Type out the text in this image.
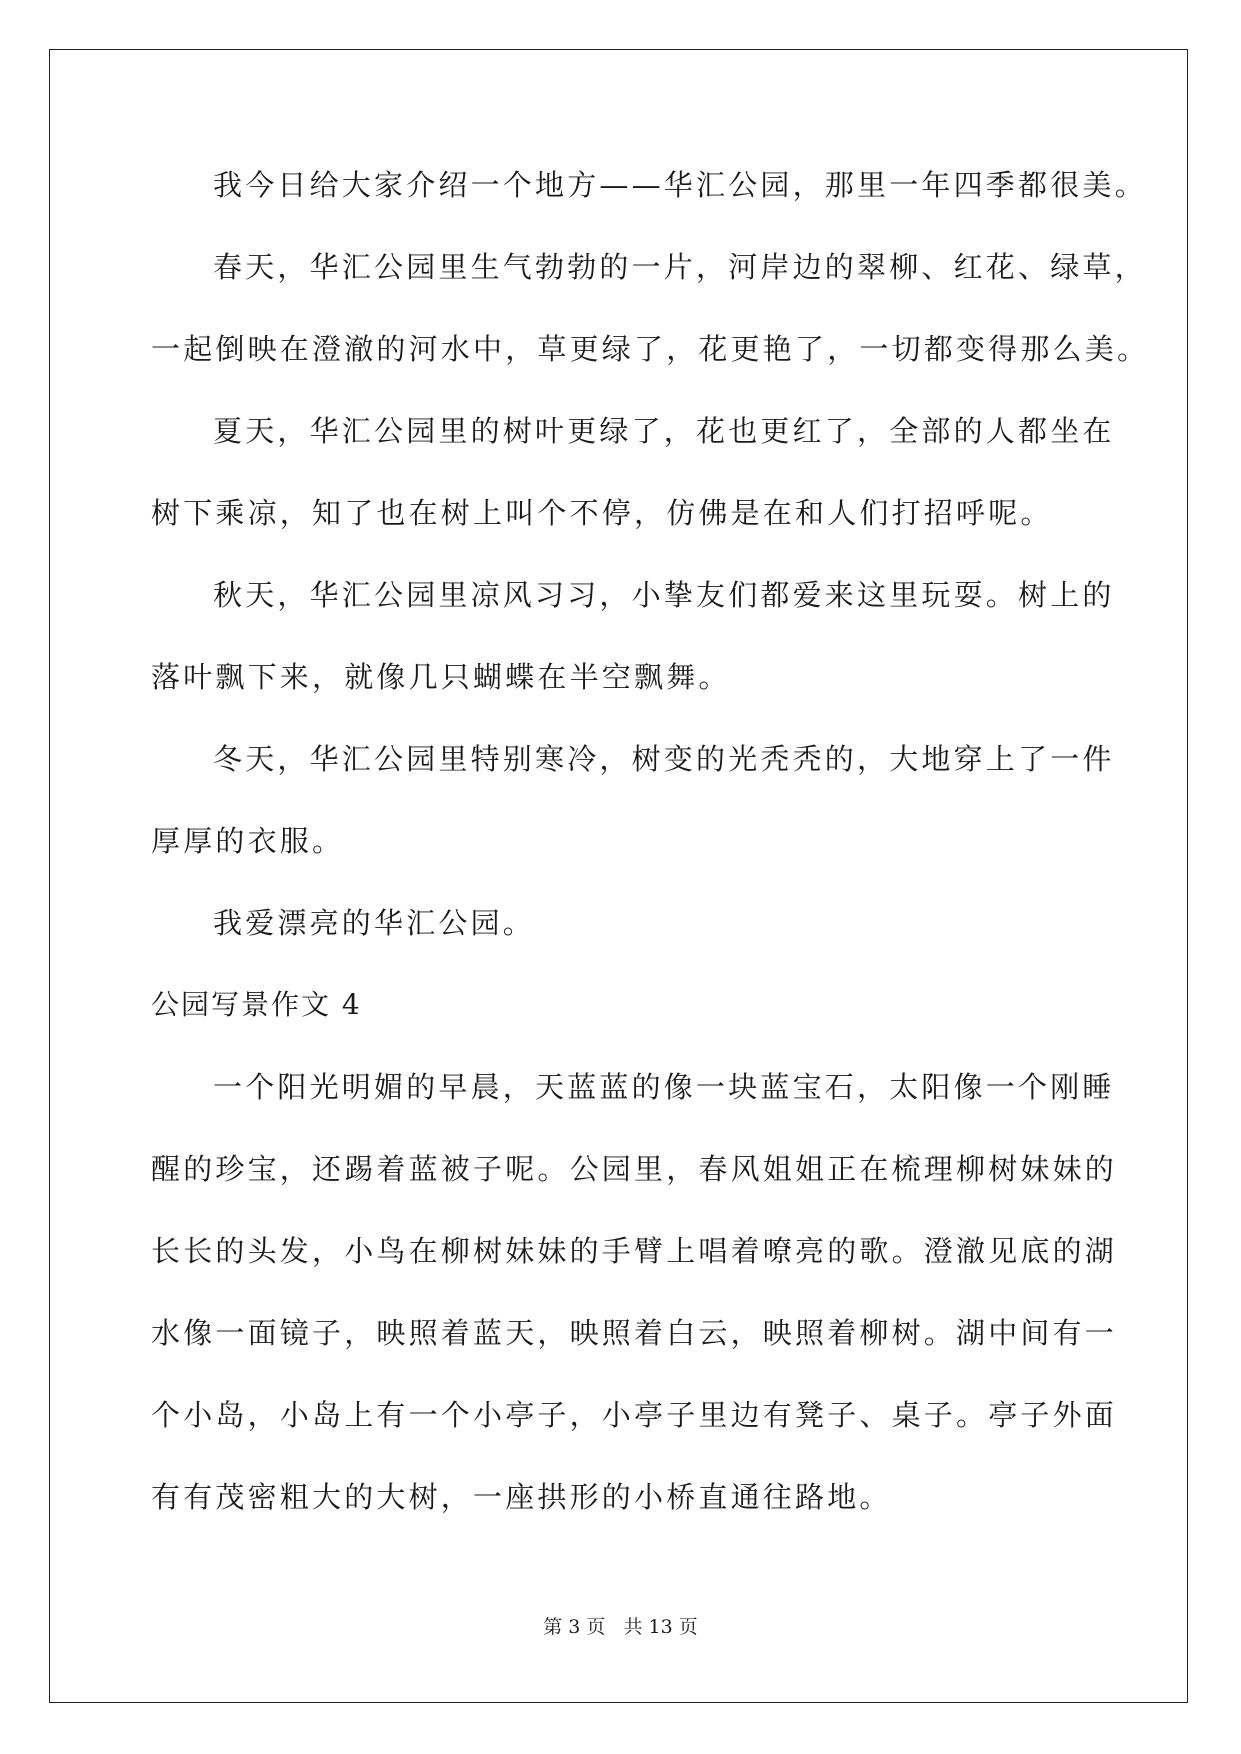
我今日给大家介绍一个地方——华汇公园，那里一年四季都很美。
春天，华汇公园里生气勃勃的一片，河岸边的翠柳、红花、绿草，
一起倒映在澄澈的河水中，草更绿了，花更艳了，一切都变得那么美。
夏天，华汇公园里的树叶更绿了，花也更红了，全部的人都坐在
树下乘凉，知了也在树上叫个不停，仿佛是在和人们打招呼呢。
秋天，华汇公园里凉风习习，小挚友们都爱来这里玩耍。树上的
落叶飘下来，就像几只蝴蝶在半空飘舞。
冬天，华汇公园里特别寒冷，树变的光秃秃的，大地穿上了一件
厚厚的衣服。
我爱漂亮的华汇公园。
公园写景作文 4
一个阳光明媚的早晨，天蓝蓝的像一块蓝宝石，太阳像一个刚睡
醒的珍宝，还踢着蓝被子呢。公园里，春风姐姐正在梳理柳树妹妹的
长长的头发，小鸟在柳树妹妹的手臂上唱着嘹亮的歌。澄澈见底的湖
水像一面镜子，映照着蓝天，映照着白云，映照着柳树。湖中间有一
个小岛，小岛上有一个小亭子，小亭子里边有凳子、桌子。亭子外面
有有茂密粗大的大树，一座拱形的小桥直通往路地。
第 3 页 共 13 页
